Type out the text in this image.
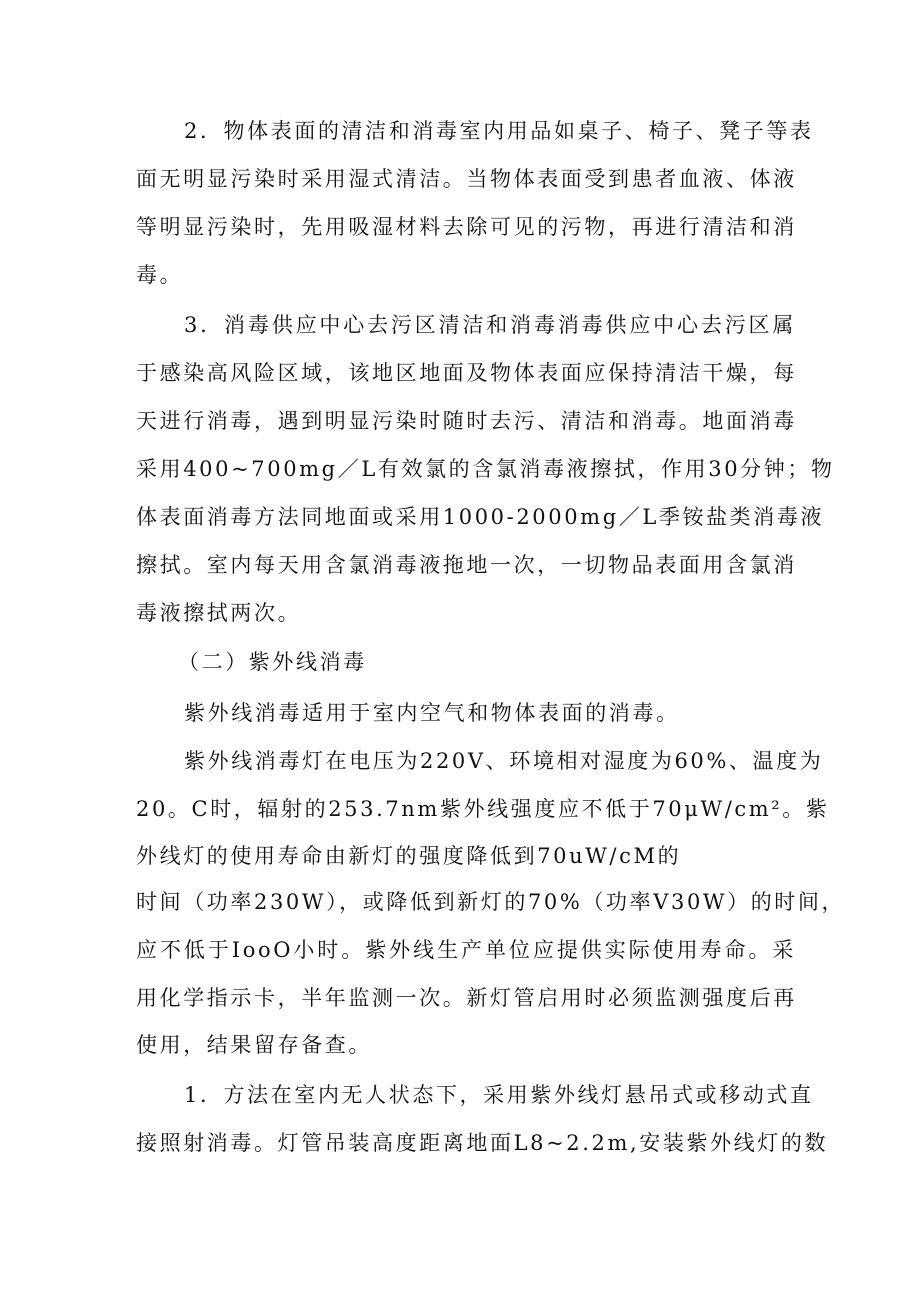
2．物体表面的清洁和消毒室内用品如桌子、椅子、凳子等表
面无明显污染时采用湿式清洁。当物体表面受到患者血液、体液
等明显污染时，先用吸湿材料去除可见的污物，再进行清洁和消
毒。
3．消毒供应中心去污区清洁和消毒消毒供应中心去污区属
于感染高风险区域，该地区地面及物体表面应保持清洁干燥，每
天进行消毒，遇到明显污染时随时去污、清洁和消毒。地面消毒
采用400~700mg／L有效氯的含氯消毒液擦拭，作用30分钟；物
体表面消毒方法同地面或采用1000-2000mg／L季铵盐类消毒液
擦拭。室内每天用含氯消毒液拖地一次，一切物品表面用含氯消
毒液擦拭两次。
（二）紫外线消毒
紫外线消毒适用于室内空气和物体表面的消毒。
紫外线消毒灯在电压为220V、环境相对湿度为60%、温度为
20。C时，辐射的253.7nm紫外线强度应不低于70μW/cm²。紫
外线灯的使用寿命由新灯的强度降低到70uW/cM的
时间（功率230W），或降低到新灯的70%（功率V30W）的时间，
应不低于IooO小时。紫外线生产单位应提供实际使用寿命。采
用化学指示卡，半年监测一次。新灯管启用时必须监测强度后再
使用，结果留存备查。
1．方法在室内无人状态下，采用紫外线灯悬吊式或移动式直
接照射消毒。灯管吊装高度距离地面L8~2.2m,安装紫外线灯的数
